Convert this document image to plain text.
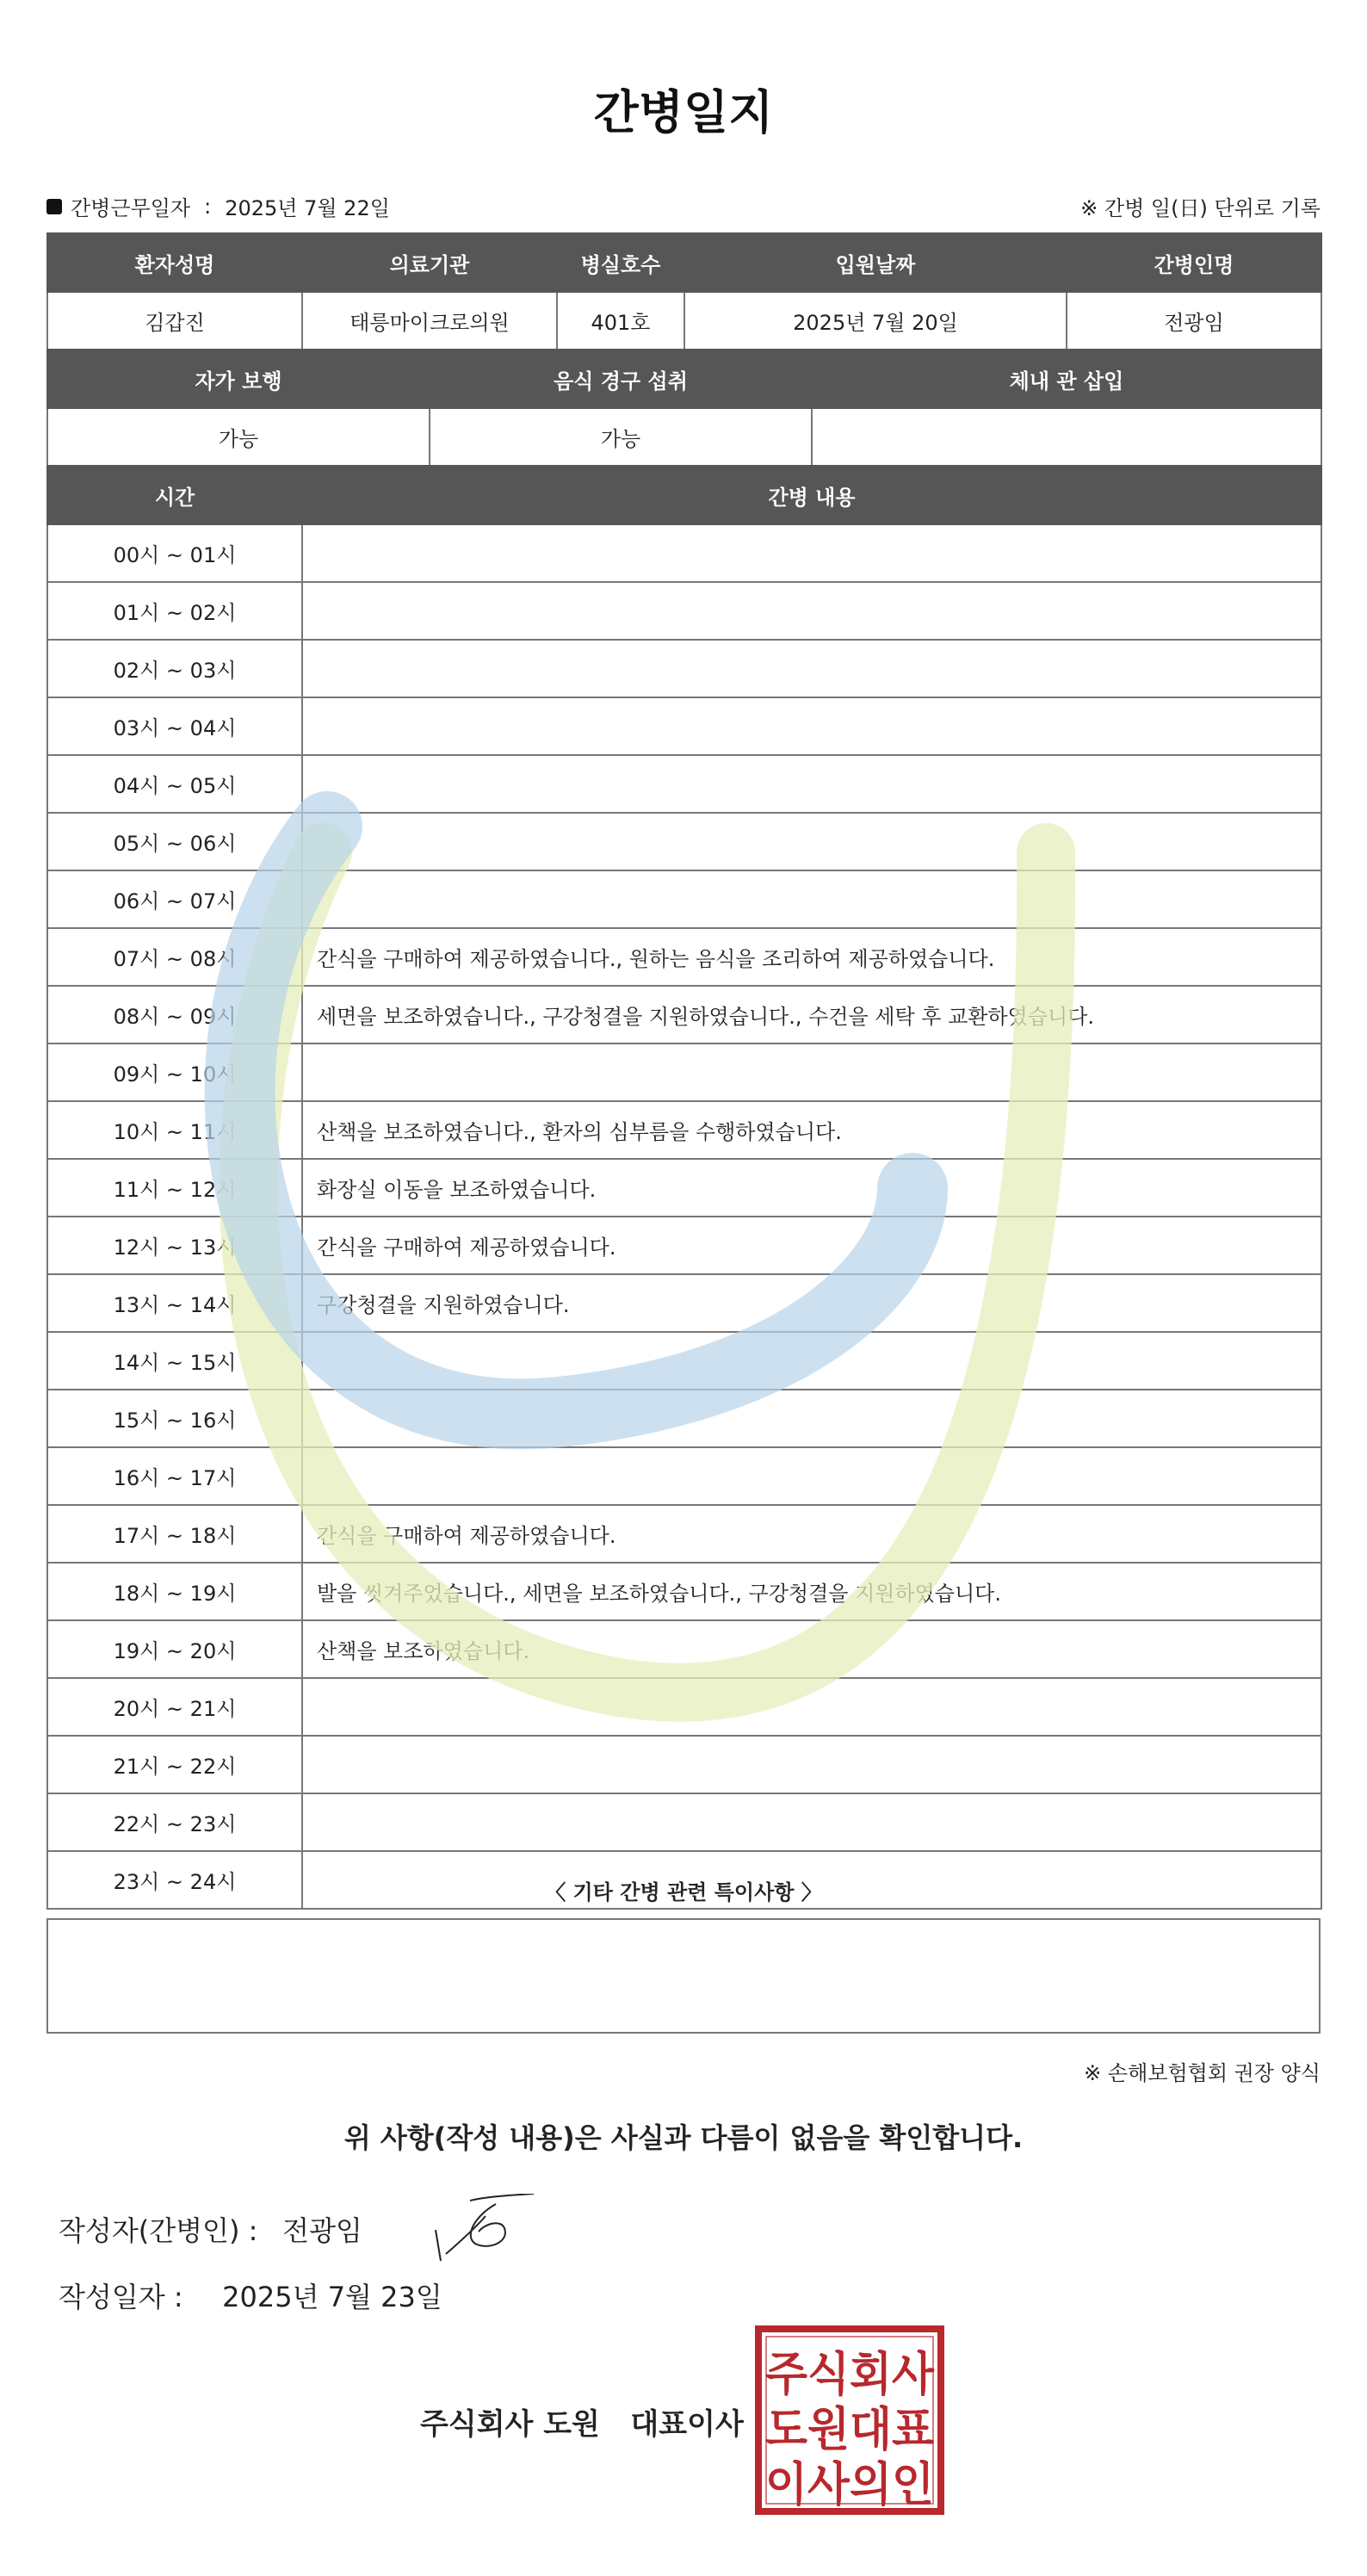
간병일지
간병근무일자 : 2025년 7월 22일	※ 간병 일(日) 단위로 기록
환자성명	의료기관	병실호수	입원날짜	간병인명
김갑진	태릉마이크로의원	401호	2025년 7월 20일	전광임
자가 보행	음식 경구 섭취	체내 관 삽입
가능	가능	
시간	간병 내용
00시 ~ 01시	
01시 ~ 02시	
02시 ~ 03시	
03시 ~ 04시	
04시 ~ 05시	
05시 ~ 06시	
06시 ~ 07시	
07시 ~ 08시	간식을 구매하여 제공하였습니다., 원하는 음식을 조리하여 제공하였습니다.
08시 ~ 09시	세면을 보조하였습니다., 구강청결을 지원하였습니다., 수건을 세탁 후 교환하였습니다.
09시 ~ 10시	
10시 ~ 11시	산책을 보조하였습니다., 환자의 심부름을 수행하였습니다.
11시 ~ 12시	화장실 이동을 보조하였습니다.
12시 ~ 13시	간식을 구매하여 제공하였습니다.
13시 ~ 14시	구강청결을 지원하였습니다.
14시 ~ 15시	
15시 ~ 16시	
16시 ~ 17시	
17시 ~ 18시	간식을 구매하여 제공하였습니다.
18시 ~ 19시	발을 씻겨주었습니다., 세면을 보조하였습니다., 구강청결을 지원하였습니다.
19시 ~ 20시	산책을 보조하였습니다.
20시 ~ 21시	
21시 ~ 22시	
22시 ~ 23시	
23시 ~ 24시		〈 기타 간병 관련 특이사항 〉
※ 손해보험협회 권장 양식
위 사항(작성 내용)은 사실과 다름이 없음을 확인합니다.
작성자(간병인) : 전광임
작성일자 : 2025년 7월 23일
주식회사 도원   대표이사
주식회사
도원대표
이사의인
